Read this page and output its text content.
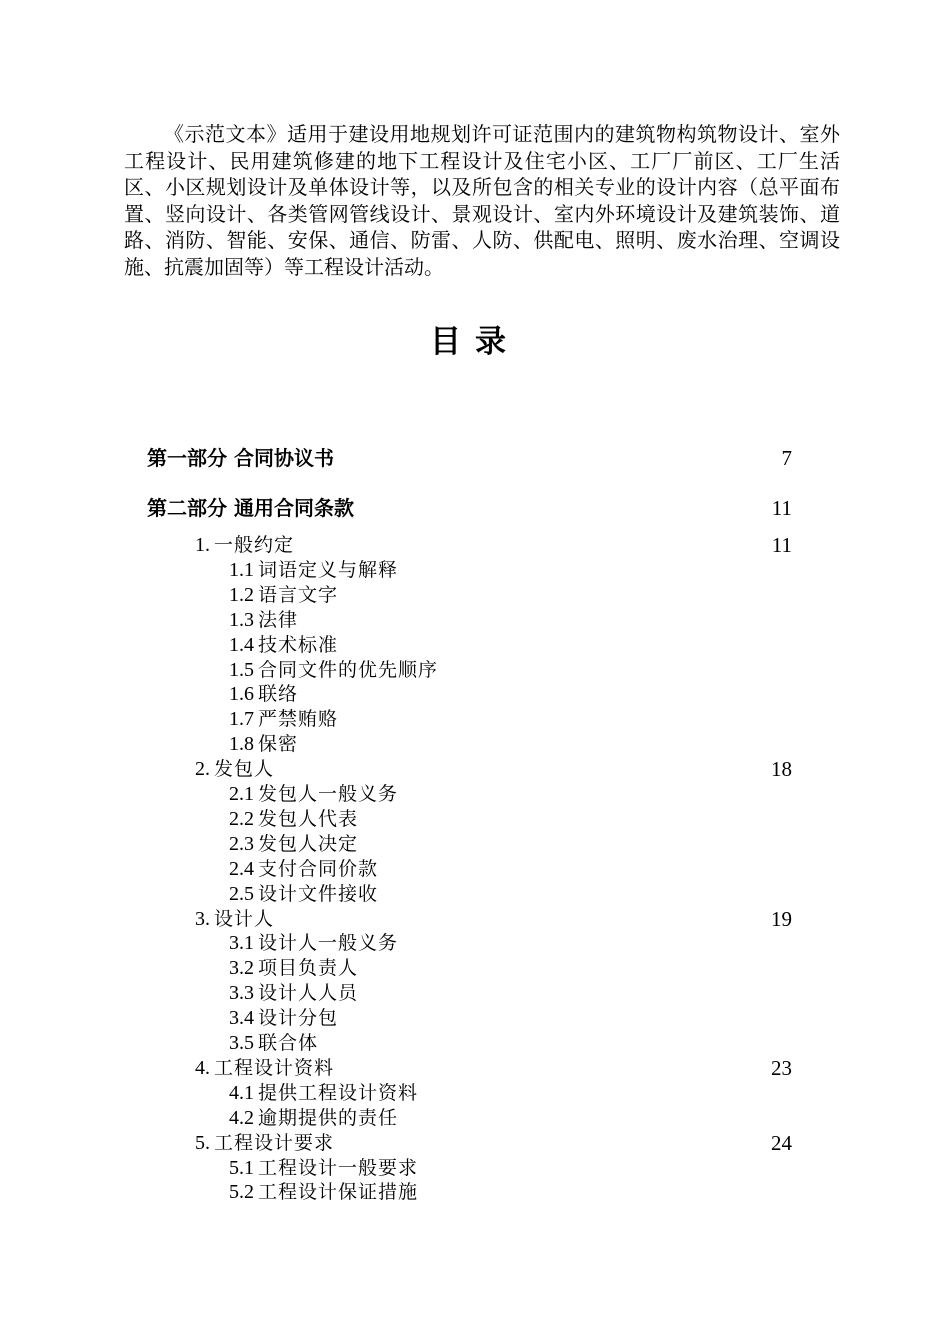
《示范文本》适用于建设用地规划许可证范围内的建筑物构筑物设计、室外工程设计、民用建筑修建的地下工程设计及住宅小区、工厂厂前区、工厂生活区、小区规划设计及单体设计等，以及所包含的相关专业的设计内容（总平面布置、竖向设计、各类管网管线设计、景观设计、室内外环境设计及建筑装饰、道路、消防、智能、安保、通信、防雷、人防、供配电、照明、废水治理、空调设施、抗震加固等）等工程设计活动。

目录
第一部分 合同协议书	7
第二部分 通用合同条款	11
1. 一般约定	11
1.1 词语定义与解释
1.2 语言文字
1.3 法律
1.4 技术标准
1.5 合同文件的优先顺序
1.6 联络
1.7 严禁贿赂
1.8 保密
2. 发包人	18
2.1 发包人一般义务
2.2 发包人代表
2.3 发包人决定
2.4 支付合同价款
2.5 设计文件接收
3. 设计人	19
3.1 设计人一般义务
3.2 项目负责人
3.3 设计人人员
3.4 设计分包
3.5 联合体
4. 工程设计资料	23
4.1 提供工程设计资料
4.2 逾期提供的责任
5. 工程设计要求	24
5.1 工程设计一般要求
5.2 工程设计保证措施
